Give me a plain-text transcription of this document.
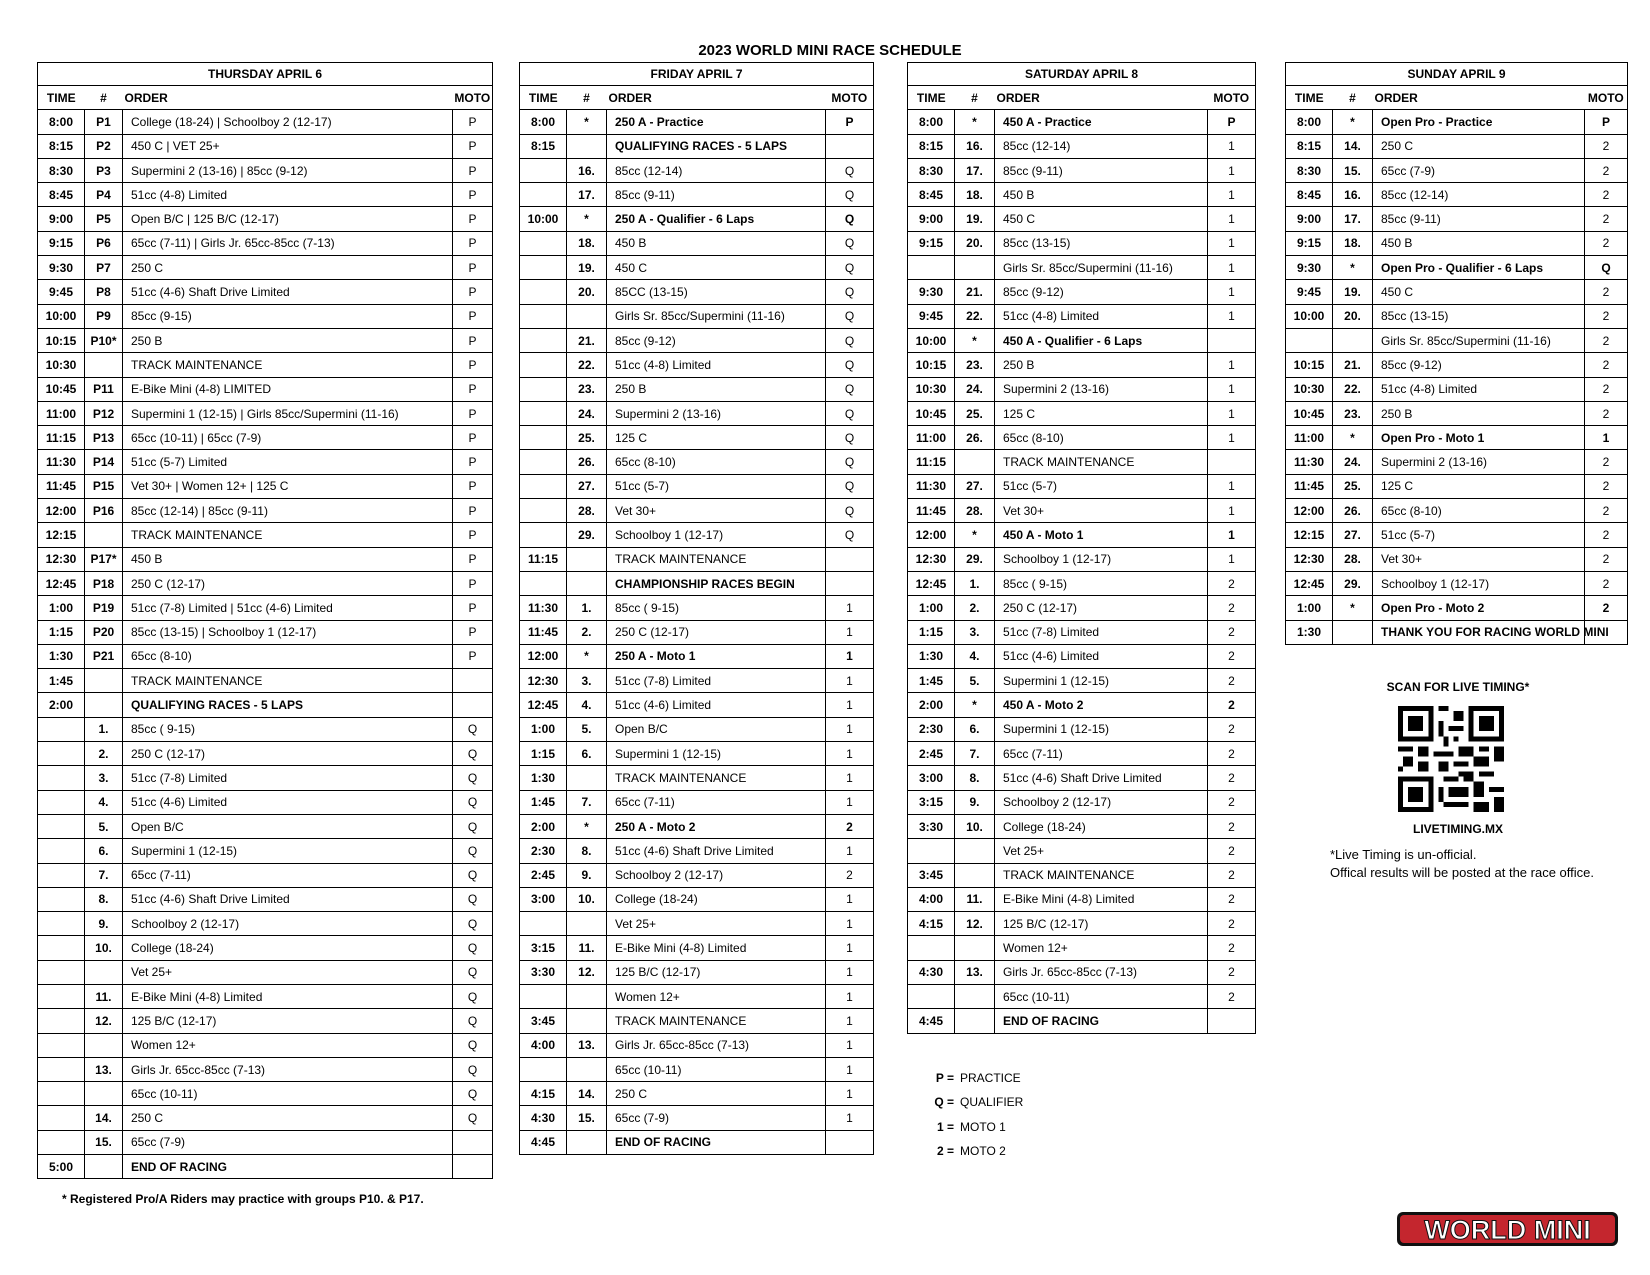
2023 WORLD MINI RACE SCHEDULE
THURSDAY APRIL 6			
TIME	#	ORDER	MOTO
8:00	P1	College (18-24) | Schoolboy 2 (12-17)	P
8:15	P2	450 C | VET 25+	P
8:30	P3	Supermini 2 (13-16) | 85cc (9-12)	P
8:45	P4	51cc (4-8) Limited	P
9:00	P5	Open B/C | 125 B/C (12-17)	P
9:15	P6	65cc (7-11) | Girls Jr. 65cc-85cc (7-13)	P
9:30	P7	250 C	P
9:45	P8	51cc (4-6) Shaft Drive Limited	P
10:00	P9	85cc (9-15)	P
10:15	P10*	250 B	P
10:30		TRACK MAINTENANCE	P
10:45	P11	E-Bike Mini (4-8) LIMITED	P
11:00	P12	Supermini 1 (12-15) | Girls 85cc/Supermini (11-16)	P
11:15	P13	65cc (10-11) | 65cc (7-9)	P
11:30	P14	51cc (5-7) Limited	P
11:45	P15	Vet 30+ | Women 12+ | 125 C	P
12:00	P16	85cc (12-14) | 85cc (9-11)	P
12:15		TRACK MAINTENANCE	P
12:30	P17*	450 B	P
12:45	P18	250 C (12-17)	P
1:00	P19	51cc (7-8) Limited | 51cc (4-6) Limited	P
1:15	P20	85cc (13-15) | Schoolboy 1 (12-17)	P
1:30	P21	65cc (8-10)	P
1:45		TRACK MAINTENANCE	
2:00		QUALIFYING RACES - 5 LAPS	
	1.	85cc ( 9-15)	Q
	2.	250 C (12-17)	Q
	3.	51cc (7-8) Limited	Q
	4.	51cc (4-6) Limited	Q
	5.	Open B/C	Q
	6.	Supermini 1 (12-15)	Q
	7.	65cc (7-11)	Q
	8.	51cc (4-6) Shaft Drive Limited	Q
	9.	Schoolboy 2 (12-17)	Q
	10.	College (18-24)	Q
		Vet 25+	Q
	11.	E-Bike Mini (4-8) Limited	Q
	12.	125 B/C (12-17)	Q
		Women 12+	Q
	13.	Girls Jr. 65cc-85cc (7-13)	Q
		65cc (10-11)	Q
	14.	250 C	Q
	15.	65cc (7-9)	
5:00		END OF RACING	
FRIDAY APRIL 7			
TIME	#	ORDER	MOTO
8:00	*	250 A - Practice	P
8:15		QUALIFYING RACES - 5 LAPS	
	16.	85cc (12-14)	Q
	17.	85cc (9-11)	Q
10:00	*	250 A - Qualifier - 6 Laps	Q
	18.	450 B	Q
	19.	450 C	Q
	20.	85CC (13-15)	Q
		Girls Sr. 85cc/Supermini (11-16)	Q
	21.	85cc (9-12)	Q
	22.	51cc (4-8) Limited	Q
	23.	250 B	Q
	24.	Supermini 2 (13-16)	Q
	25.	125 C	Q
	26.	65cc (8-10)	Q
	27.	51cc (5-7)	Q
	28.	Vet 30+	Q
	29.	Schoolboy 1 (12-17)	Q
11:15		TRACK MAINTENANCE	
		CHAMPIONSHIP RACES BEGIN	
11:30	1.	85cc ( 9-15)	1
11:45	2.	250 C (12-17)	1
12:00	*	250 A - Moto 1	1
12:30	3.	51cc (7-8) Limited	1
12:45	4.	51cc (4-6) Limited	1
1:00	5.	Open B/C	1
1:15	6.	Supermini 1 (12-15)	1
1:30		TRACK MAINTENANCE	1
1:45	7.	65cc (7-11)	1
2:00	*	250 A - Moto 2	2
2:30	8.	51cc (4-6) Shaft Drive Limited	1
2:45	9.	Schoolboy 2 (12-17)	2
3:00	10.	College (18-24)	1
		Vet 25+	1
3:15	11.	E-Bike Mini (4-8) Limited	1
3:30	12.	125 B/C (12-17)	1
		Women 12+	1
3:45		TRACK MAINTENANCE	1
4:00	13.	Girls Jr. 65cc-85cc (7-13)	1
		65cc (10-11)	1
4:15	14.	250 C	1
4:30	15.	65cc (7-9)	1
4:45		END OF RACING	
SATURDAY APRIL 8			
TIME	#	ORDER	MOTO
8:00	*	450 A - Practice	P
8:15	16.	85cc (12-14)	1
8:30	17.	85cc (9-11)	1
8:45	18.	450 B	1
9:00	19.	450 C	1
9:15	20.	85cc (13-15)	1
		Girls Sr. 85cc/Supermini (11-16)	1
9:30	21.	85cc (9-12)	1
9:45	22.	51cc (4-8) Limited	1
10:00	*	450 A - Qualifier - 6 Laps	
10:15	23.	250 B	1
10:30	24.	Supermini 2 (13-16)	1
10:45	25.	125 C	1
11:00	26.	65cc (8-10)	1
11:15		TRACK MAINTENANCE	
11:30	27.	51cc (5-7)	1
11:45	28.	Vet 30+	1
12:00	*	450 A - Moto 1	1
12:30	29.	Schoolboy 1 (12-17)	1
12:45	1.	85cc ( 9-15)	2
1:00	2.	250 C (12-17)	2
1:15	3.	51cc (7-8) Limited	2
1:30	4.	51cc (4-6) Limited	2
1:45	5.	Supermini 1 (12-15)	2
2:00	*	450 A - Moto 2	2
2:30	6.	Supermini 1 (12-15)	2
2:45	7.	65cc (7-11)	2
3:00	8.	51cc (4-6) Shaft Drive Limited	2
3:15	9.	Schoolboy 2 (12-17)	2
3:30	10.	College (18-24)	2
		Vet 25+	2
3:45		TRACK MAINTENANCE	2
4:00	11.	E-Bike Mini (4-8) Limited	2
4:15	12.	125 B/C (12-17)	2
		Women 12+	2
4:30	13.	Girls Jr. 65cc-85cc (7-13)	2
		65cc (10-11)	2
4:45		END OF RACING	
SUNDAY APRIL 9			
TIME	#	ORDER	MOTO
8:00	*	Open Pro - Practice	P
8:15	14.	250 C	2
8:30	15.	65cc (7-9)	2
8:45	16.	85cc (12-14)	2
9:00	17.	85cc (9-11)	2
9:15	18.	450 B	2
9:30	*	Open Pro - Qualifier - 6 Laps	Q
9:45	19.	450 C	2
10:00	20.	85cc (13-15)	2
		Girls Sr. 85cc/Supermini (11-16)	2
10:15	21.	85cc (9-12)	2
10:30	22.	51cc (4-8) Limited	2
10:45	23.	250 B	2
11:00	*	Open Pro - Moto 1	1
11:30	24.	Supermini 2 (13-16)	2
11:45	25.	125 C	2
12:00	26.	65cc (8-10)	2
12:15	27.	51cc (5-7)	2
12:30	28.	Vet 30+	2
12:45	29.	Schoolboy 1 (12-17)	2
1:00	*	Open Pro - Moto 2	2
1:30		THANK YOU FOR RACING WORLD MINI	
* Registered Pro/A Riders may practice with groups P10. & P17.
P = PRACTICE
Q = QUALIFIER
1 = MOTO 1
2 = MOTO 2
SCAN FOR LIVE TIMING*
LIVETIMING.MX
*Live Timing is un-official.
Offical results will be posted at the race office.
WORLD MINI
